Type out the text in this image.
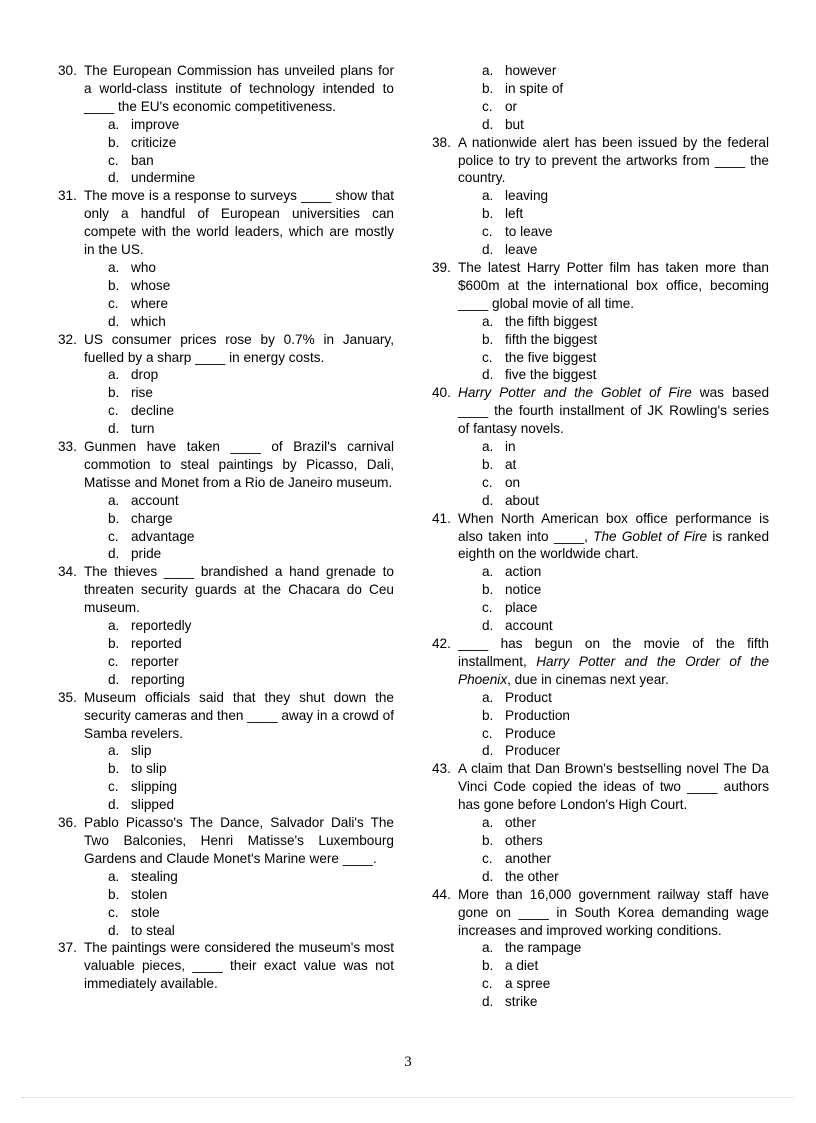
30. The European Commission has unveiled plans for a world-class institute of technology intended to ____ the EU's economic competitiveness.
a. improve
b. criticize
c. ban
d. undermine
31. The move is a response to surveys ____ show that only a handful of European universities can compete with the world leaders, which are mostly in the US.
a. who
b. whose
c. where
d. which
32. US consumer prices rose by 0.7% in January, fuelled by a sharp ____ in energy costs.
a. drop
b. rise
c. decline
d. turn
33. Gunmen have taken ____ of Brazil's carnival commotion to steal paintings by Picasso, Dali, Matisse and Monet from a Rio de Janeiro museum.
a. account
b. charge
c. advantage
d. pride
34. The thieves ____ brandished a hand grenade to threaten security guards at the Chacara do Ceu museum.
a. reportedly
b. reported
c. reporter
d. reporting
35. Museum officials said that they shut down the security cameras and then ____ away in a crowd of Samba revelers.
a. slip
b. to slip
c. slipping
d. slipped
36. Pablo Picasso's The Dance, Salvador Dali's The Two Balconies, Henri Matisse's Luxembourg Gardens and Claude Monet's Marine were ____.
a. stealing
b. stolen
c. stole
d. to steal
37. The paintings were considered the museum's most valuable pieces, ____ their exact value was not immediately available.
a. however
b. in spite of
c. or
d. but
38. A nationwide alert has been issued by the federal police to try to prevent the artworks from ____ the country.
a. leaving
b. left
c. to leave
d. leave
39. The latest Harry Potter film has taken more than $600m at the international box office, becoming ____ global movie of all time.
a. the fifth biggest
b. fifth the biggest
c. the five biggest
d. five the biggest
40. Harry Potter and the Goblet of Fire was based ____ the fourth installment of JK Rowling's series of fantasy novels.
a. in
b. at
c. on
d. about
41. When North American box office performance is also taken into ____, The Goblet of Fire is ranked eighth on the worldwide chart.
a. action
b. notice
c. place
d. account
42. ____ has begun on the movie of the fifth installment, Harry Potter and the Order of the Phoenix, due in cinemas next year.
a. Product
b. Production
c. Produce
d. Producer
43. A claim that Dan Brown's bestselling novel The Da Vinci Code copied the ideas of two ____ authors has gone before London's High Court.
a. other
b. others
c. another
d. the other
44. More than 16,000 government railway staff have gone on ____ in South Korea demanding wage increases and improved working conditions.
a. the rampage
b. a diet
c. a spree
d. strike
3
